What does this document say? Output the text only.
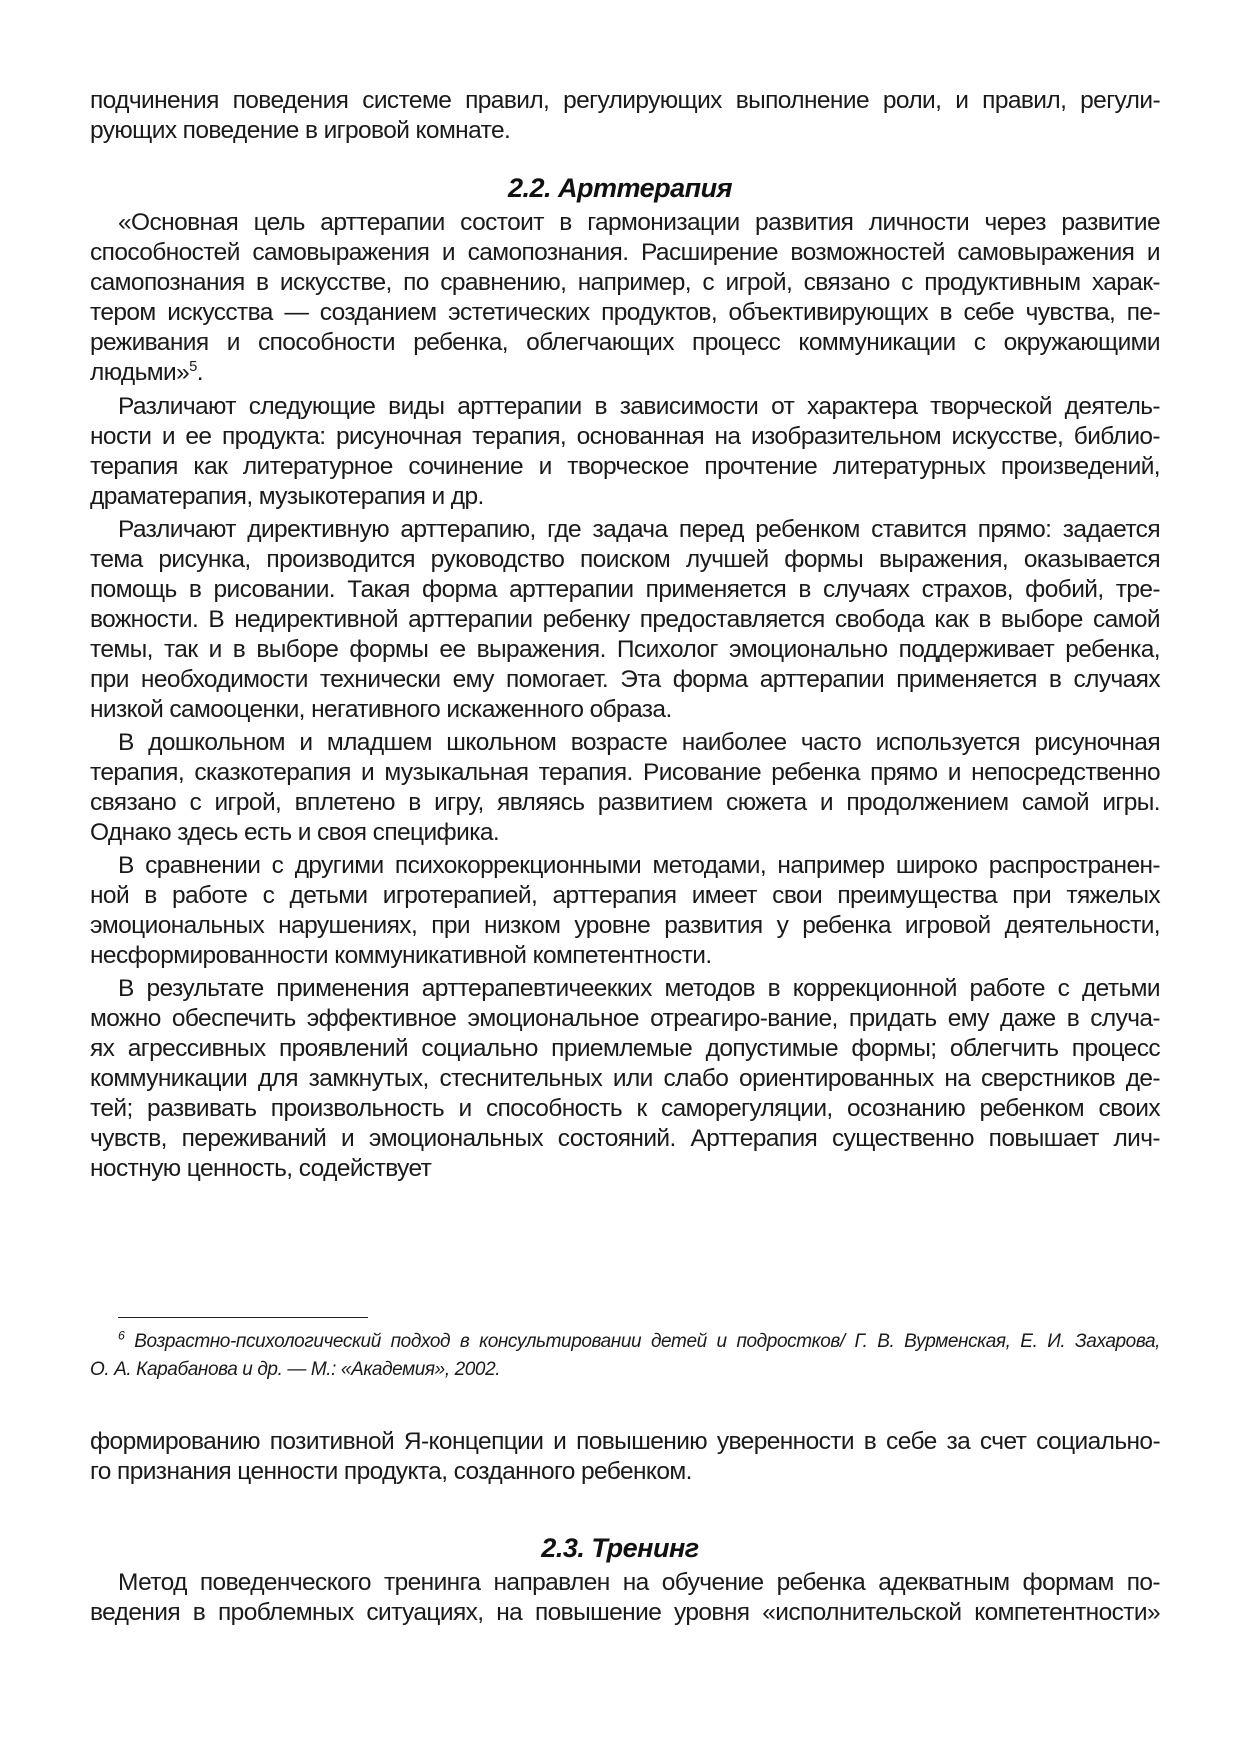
подчинения поведения системе правил, регулирующих выполнение роли, и правил, регули-
рующих поведение в игровой комнате.
2.2. Арттерапия
«Основная цель арттерапии состоит в гармонизации развития личности через развитие
способностей самовыражения и самопознания. Расширение возможностей самовыражения и
самопознания в искусстве, по сравнению, например, с игрой, связано с продуктивным харак-
тером искусства — созданием эстетических продуктов, объективирующих в себе чувства, пе-
реживания и способности ребенка, облегчающих процесс коммуникации с окружающими
людьми»$^5$.
Различают следующие виды арттерапии в зависимости от характера творческой деятель-
ности и ее продукта: рисуночная терапия, основанная на изобразительном искусстве, библио-
терапия как литературное сочинение и творческое прочтение литературных произведений,
драматерапия, музыкотерапия и др.
Различают директивную арттерапию, где задача перед ребенком ставится прямо: задается
тема рисунка, производится руководство поиском лучшей формы выражения, оказывается
помощь в рисовании. Такая форма арттерапии применяется в случаях страхов, фобий, тре-
вожности. В недирективной арттерапии ребенку предоставляется свобода как в выборе самой
темы, так и в выборе формы ее выражения. Психолог эмоционально поддерживает ребенка,
при необходимости технически ему помогает. Эта форма арттерапии применяется в случаях
низкой самооценки, негативного искаженного образа.
В дошкольном и младшем школьном возрасте наиболее часто используется рисуночная
терапия, сказкотерапия и музыкальная терапия. Рисование ребенка прямо и непосредственно
связано с игрой, вплетено в игру, являясь развитием сюжета и продолжением самой игры.
Однако здесь есть и своя специфика.
В сравнении с другими психокоррекционными методами, например широко распространен-
ной в работе с детьми игротерапией, арттерапия имеет свои преимущества при тяжелых
эмоциональных нарушениях, при низком уровне развития у ребенка игровой деятельности,
несформированности коммуникативной компетентности.
В результате применения арттерапевтичеекких методов в коррекционной работе с детьми
можно обеспечить эффективное эмоциональное отреагиро-вание, придать ему даже в случа-
ях агрессивных проявлений социально приемлемые допустимые формы; облегчить процесс
коммуникации для замкнутых, стеснительных или слабо ориентированных на сверстников де-
тей; развивать произвольность и способность к саморегуляции, осознанию ребенком своих
чувств, переживаний и эмоциональных состояний. Арттерапия существенно повышает лич-
ностную ценность, содействует
$^6$ Возрастно-психологический подход в консультировании детей и подростков/ Г. В. Вурменская, Е. И. Захарова,
О. А. Карабанова и др. — М.: «Академия», 2002.
формированию позитивной Я-концепции и повышению уверенности в себе за счет социально-
го признания ценности продукта, созданного ребенком.
2.3. Тренинг
Метод поведенческого тренинга направлен на обучение ребенка адекватным формам по-
ведения в проблемных ситуациях, на повышение уровня «исполнительской компетентности»
